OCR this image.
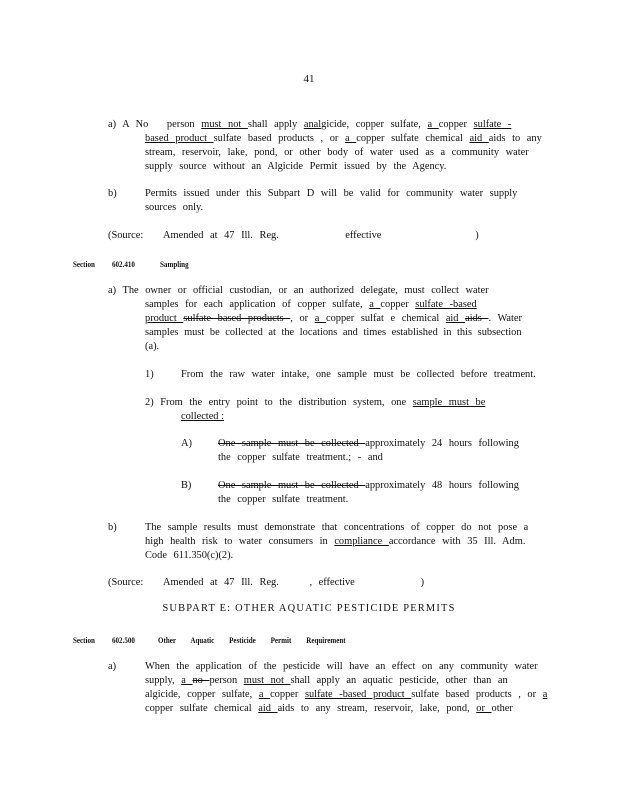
41
a) A No person must not shall apply analgicide, copper sulfate, a copper sulfate -
based product sulfate based products , or a copper sulfate chemical aid aids to any
stream, reservoir, lake, pond, or other body of water used as a community water
supply source without an Algicide Permit issued by the Agency.
b)	Permits issued under this Subpart D will be valid for community water supply
sources only.
(Source: Amended at 47 Ill. Reg.	effective	)
Section 602.410	Sampling
a) The owner or official custodian, or an authorized delegate, must collect water
samples for each application of copper sulfate, a copper sulfate -based
product sulfate based products , or a copper sulfat e chemical aid aids . Water
samples must be collected at the locations and times established in this subsection
(a).
1)	From the raw water intake, one sample must be collected before treatment.
2) From the entry point to the distribution system, one sample must be
collected :
A)	One sample must be collected approximately 24 hours following
the copper sulfate treatment.; - and
B)	One sample must be collected approximately 48 hours following
the copper sulfate treatment.
b)	The sample results must demonstrate that concentrations of copper do not pose a
high health risk to water consumers in compliance accordance with 35 Ill. Adm.
Code 611.350(c)(2).
(Source: Amended at 47 Ill. Reg.	, effective	)
SUBPART E: OTHER AQUATIC PESTICIDE PERMITS
Section 602.500	Other Aquatic Pesticide Permit Requirement
a)	When the application of the pesticide will have an effect on any community water
supply, a no person must not shall apply an aquatic pesticide, other than an
algicide, copper sulfate, a copper sulfate -based product sulfate based products , or a
copper sulfate chemical aid aids to any stream, reservoir, lake, pond, or other
